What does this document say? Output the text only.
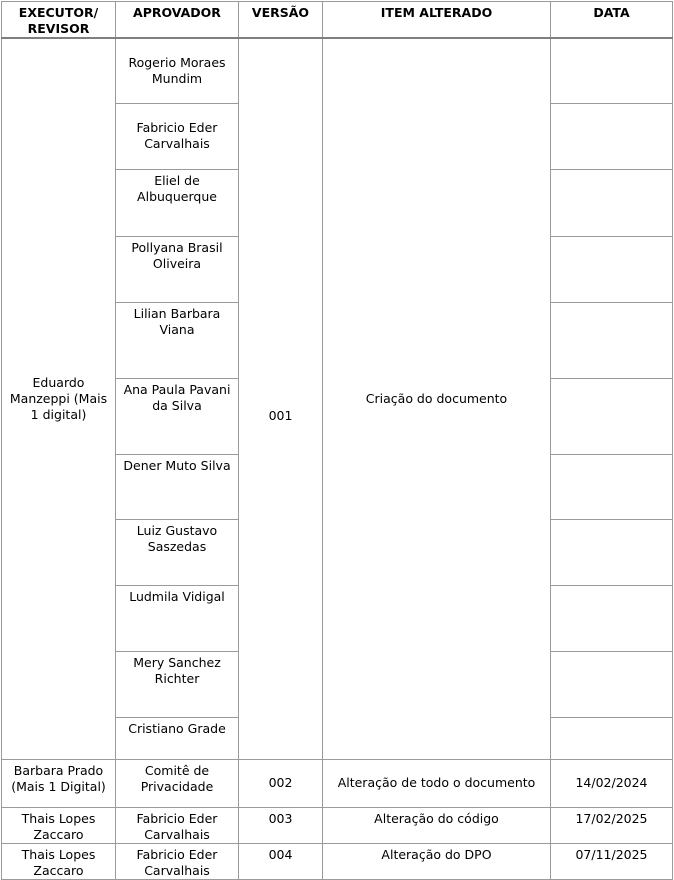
EXECUTOR/ REVISOR	APROVADOR	VERSÃO	ITEM ALTERADO	DATA
Eduardo Manzeppi (Mais 1 digital)	Rogerio Moraes Mundim	001	Criação do documento	
	Fabricio Eder Carvalhais			
	Eliel de Albuquerque			
	Pollyana Brasil Oliveira			
	Lilian Barbara Viana			
	Ana Paula Pavani da Silva			
	Dener Muto Silva			
	Luiz Gustavo Saszedas			
	Ludmila Vidigal			
	Mery Sanchez Richter			
	Cristiano Grade			
Barbara Prado (Mais 1 Digital)	Comitê de Privacidade	002	Alteração de todo o documento	14/02/2024
Thais Lopes Zaccaro	Fabricio Eder Carvalhais	003	Alteração do código	17/02/2025
Thais Lopes Zaccaro	Fabricio Eder Carvalhais	004	Alteração do DPO	07/11/2025
